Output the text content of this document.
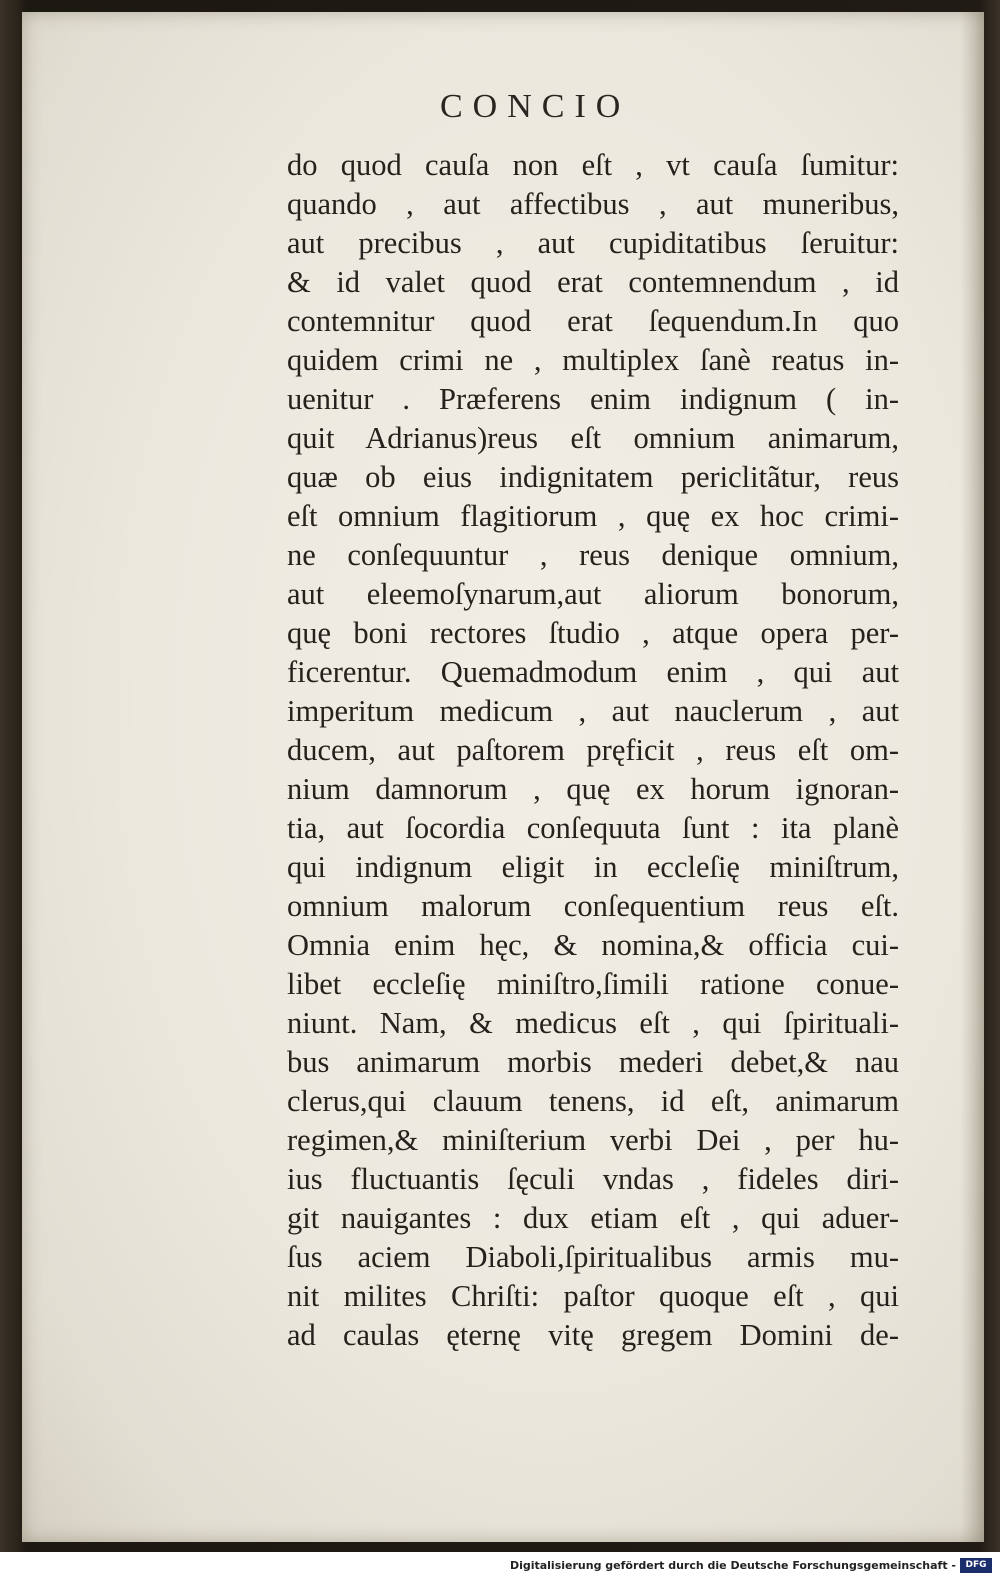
CONCIO
do quod cauſa non eſt , vt cauſa ſumitur:
quando , aut affectibus , aut muneribus,
aut precibus , aut cupiditatibus ſeruitur:
& id valet quod erat contemnendum , id
contemnitur quod erat ſequendum.In quo
quidem crimi ne , multiplex ſanè reatus in-
uenitur . Præferens enim indignum ( in-
quit Adrianus)reus eſt omnium animarum,
quæ ob eius indignitatem periclitãtur, reus
eſt omnium flagitiorum , quę ex hoc crimi-
ne conſequuntur , reus denique omnium,
aut eleemoſynarum,aut aliorum bonorum,
quę boni rectores ſtudio , atque opera per-
ficerentur. Quemadmodum enim , qui aut
imperitum medicum , aut nauclerum , aut
ducem, aut paſtorem pręficit , reus eſt om-
nium damnorum , quę ex horum ignoran-
tia, aut ſocordia conſequuta ſunt : ita planè
qui indignum eligit in eccleſię miniſtrum,
omnium malorum conſequentium reus eſt.
Omnia enim hęc, & nomina,& officia cui-
libet eccleſię miniſtro,ſimili ratione conue-
niunt. Nam, & medicus eſt , qui ſpirituali-
bus animarum morbis mederi debet,& nau
clerus,qui clauum tenens, id eſt, animarum
regimen,& miniſterium verbi Dei , per hu-
ius fluctuantis ſęculi vndas , fideles diri-
git nauigantes : dux etiam eſt , qui aduer-
ſus aciem Diaboli,ſpiritualibus armis mu-
nit milites Chriſti: paſtor quoque eſt , qui
ad caulas ęternę vitę gregem Domini de-
Digitalisierung gefördert durch die Deutsche Forschungsgemeinschaft -	DFG
